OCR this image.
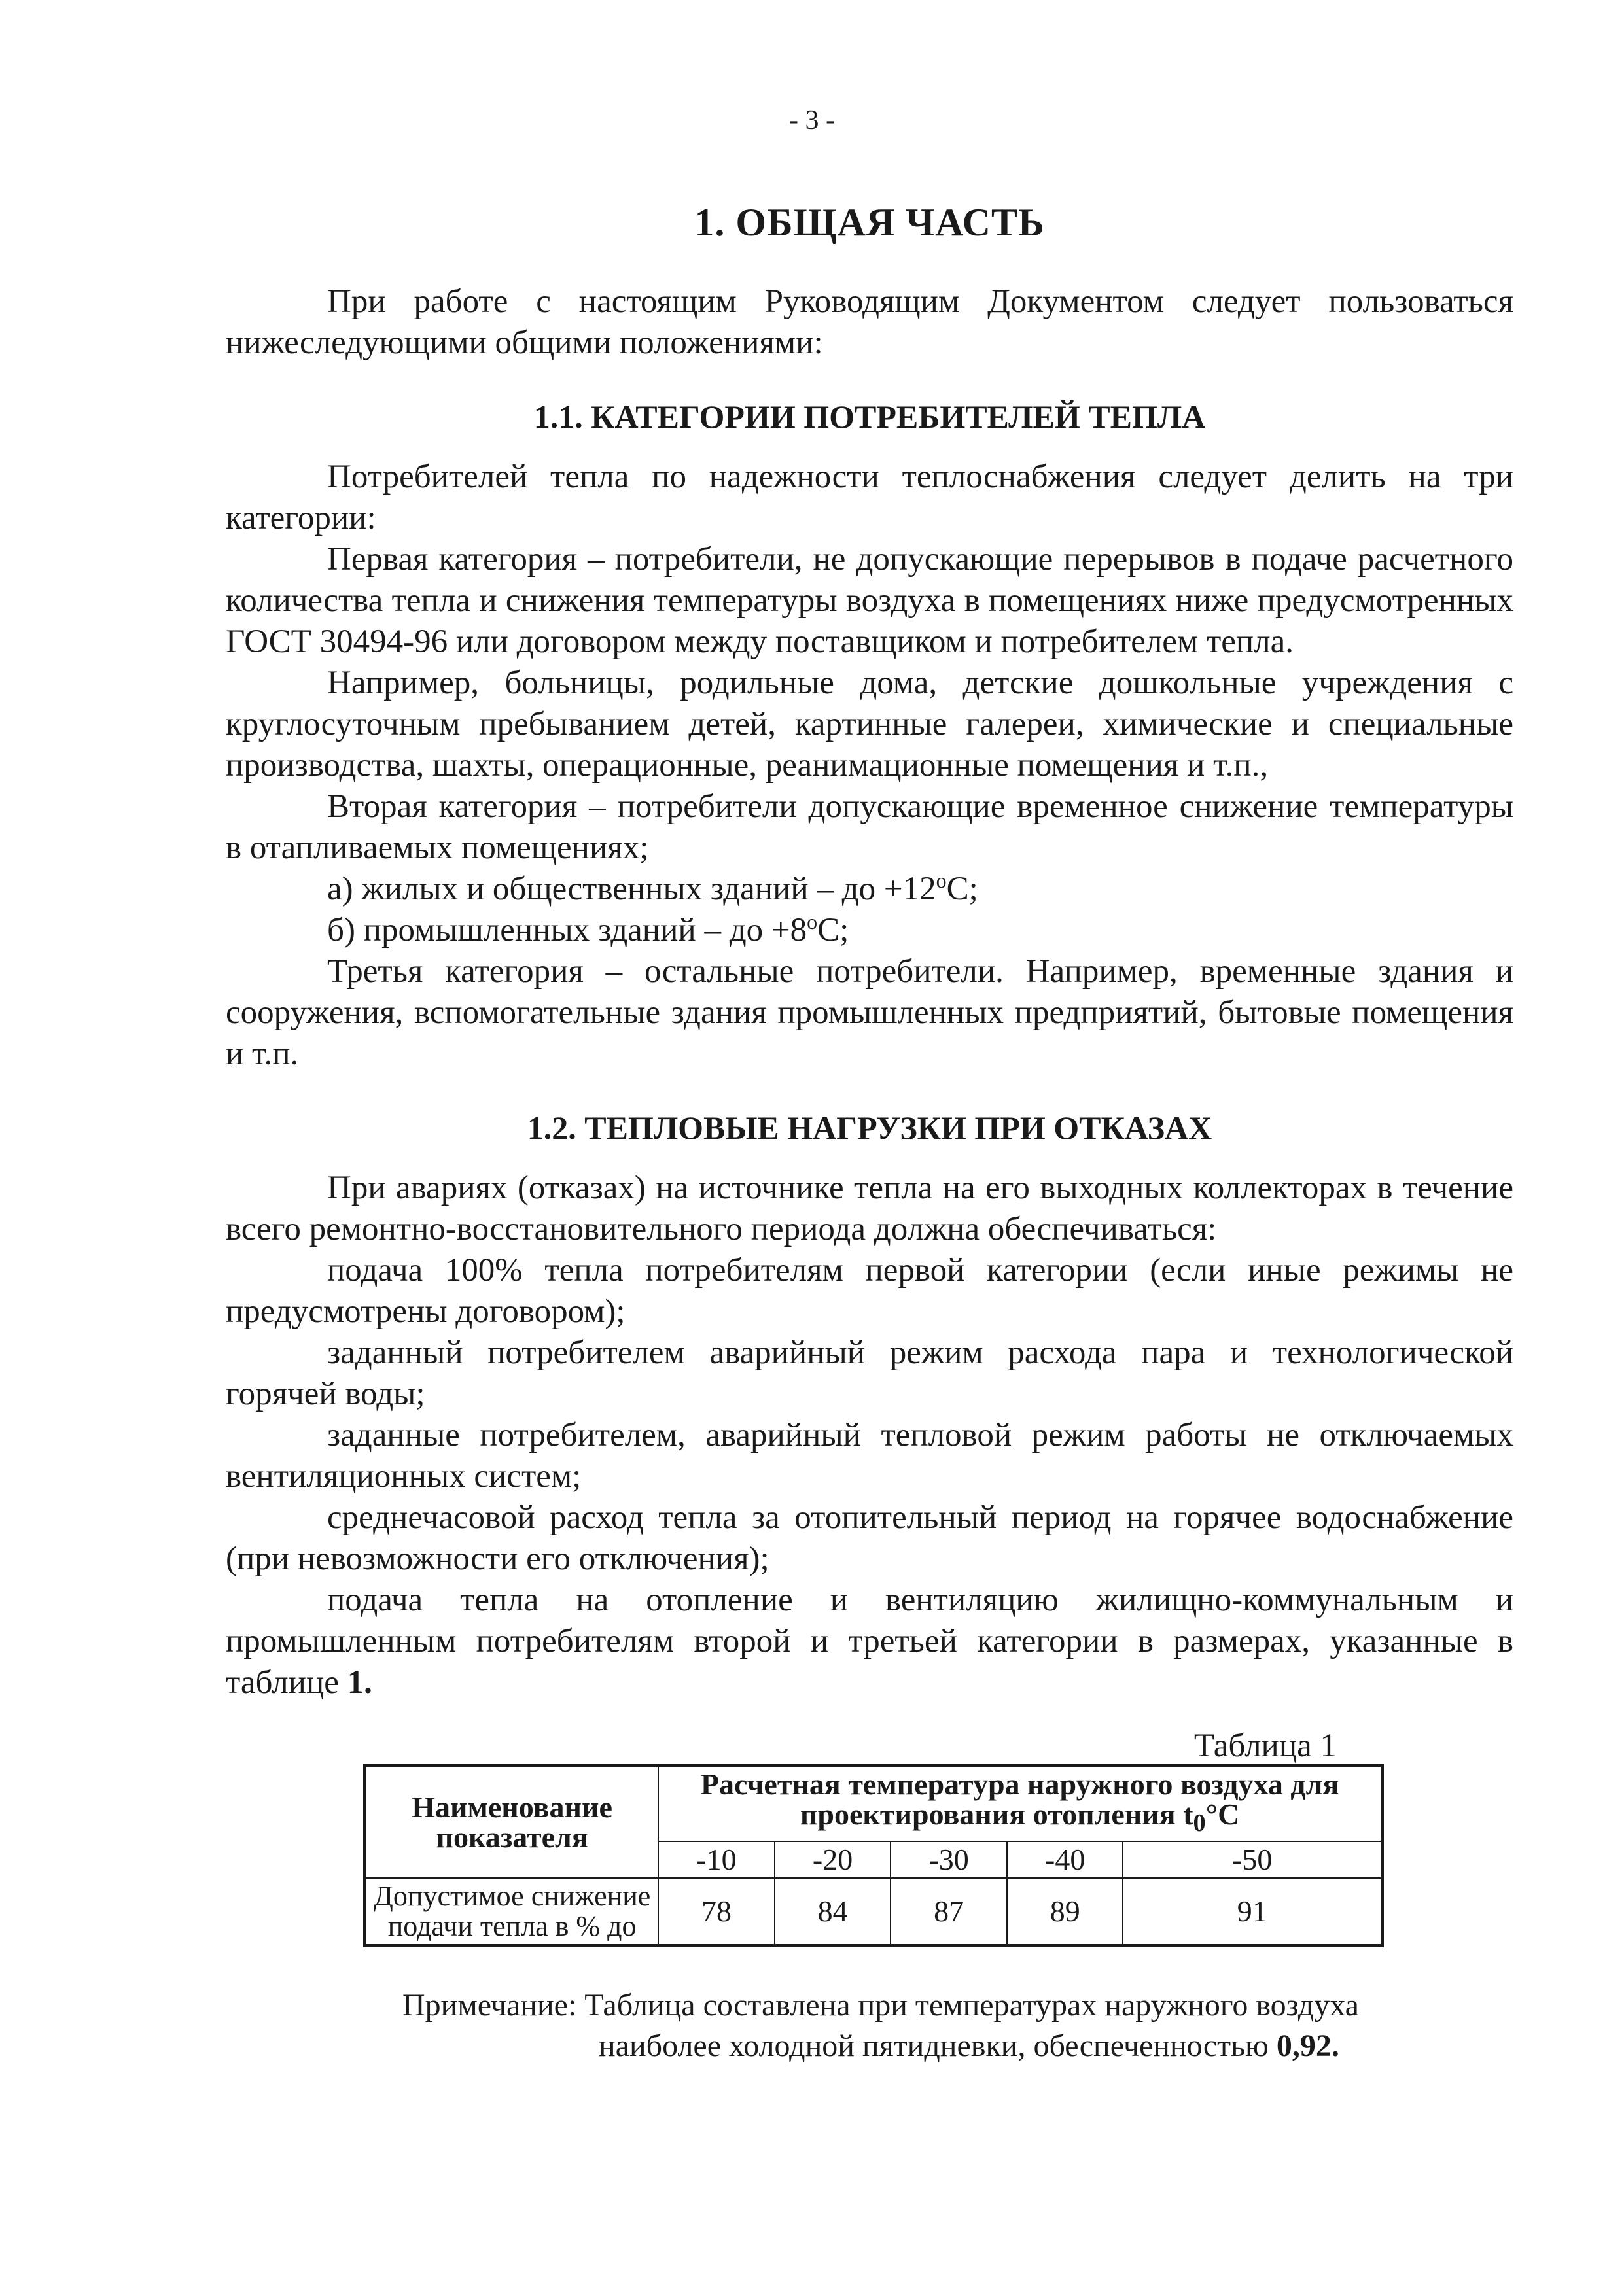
- 3 -
1. ОБЩАЯ ЧАСТЬ

При работе с настоящим Руководящим Документом следует пользоваться нижеследующими общими положениями:

1.1. КАТЕГОРИИ ПОТРЕБИТЕЛЕЙ ТЕПЛА

Потребителей тепла по надежности теплоснабжения следует делить на три категории:

Первая категория – потребители, не допускающие перерывов в подаче расчетного количества тепла и снижения температуры воздуха в помещениях ниже предусмотренных ГОСТ 30494-96 или договором между поставщиком и потребителем тепла.

Например, больницы, родильные дома, детские дошкольные учреждения с круглосуточным пребыванием детей, картинные галереи, химические и специальные производства, шахты, операционные, реанимационные помещения и т.п.,

Вторая категория – потребители допускающие временное снижение температуры в отапливаемых помещениях;

а) жилых и общественных зданий – до $+12^oС$;

б) промышленных зданий – до $+8^oС$;

Третья категория – остальные потребители. Например, временные здания и сооружения, вспомогательные здания промышленных предприятий, бытовые помещения и т.п.

1.2. ТЕПЛОВЫЕ НАГРУЗКИ ПРИ ОТКАЗАХ

При авариях (отказах) на источнике тепла на его выходных коллекторах в течение всего ремонтно-восстановительного периода должна обеспечиваться:

подача 100% тепла потребителям первой категории (если иные режимы не предусмотрены договором);

заданный потребителем аварийный режим расхода пара и технологической горячей воды;

заданные потребителем, аварийный тепловой режим работы не отключаемых вентиляционных систем;

среднечасовой расход тепла за отопительный период на горячее водоснабжение (при невозможности его отключения);

подача тепла на отопление и вентиляцию жилищно-коммунальным и промышленным потребителям второй и третьей категории в размерах, указанные в таблице 1.

Таблица 1
Наименование показателя	Расчетная температура наружного воздуха для проектирования отопления $t_0^\circ С$				
	-10	-20	-30	-40	-50
Допустимое снижение подачи тепла в % до	78	84	87	89	91
Примечание: Таблица составлена при температурах наружного воздуха
наиболее холодной пятидневки, обеспеченностью 0,92.
